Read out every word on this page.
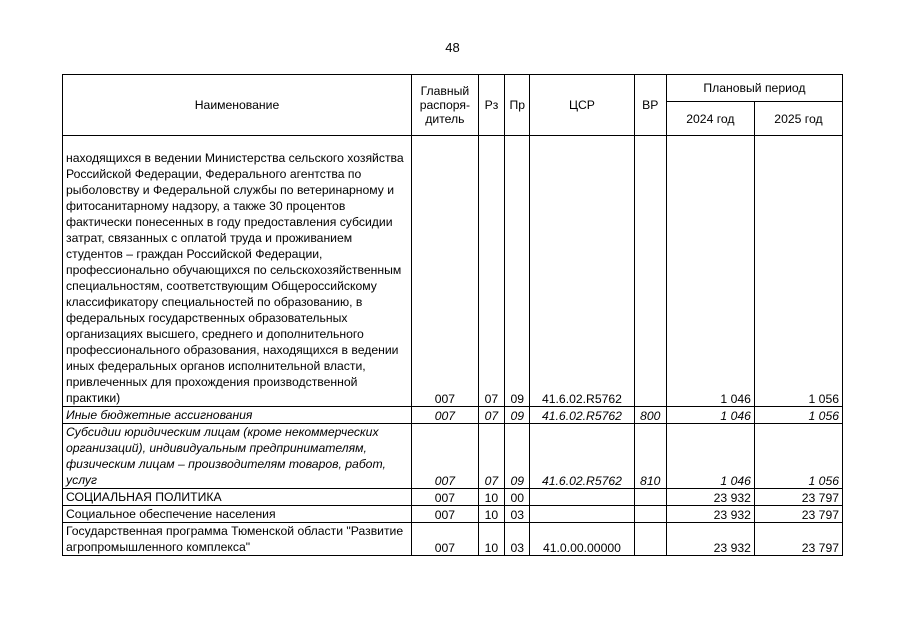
48
Наименование	Главный распоря-дитель	Рз	Пр	ЦСР	ВР	Плановый период	
						2024 год	2025 год
находящихся в ведении Министерства сельского хозяйства Российской Федерации, Федерального агентства по рыболовству и Федеральной службы по ветеринарному и фитосанитарному надзору, а также 30 процентов фактически понесенных в году предоставления субсидии затрат, связанных с оплатой труда и проживанием студентов – граждан Российской Федерации, профессионально обучающихся по сельскохозяйственным специальностям, соответствующим Общероссийскому классификатору специальностей по образованию, в федеральных государственных образовательных организациях высшего, среднего и дополнительного профессионального образования, находящихся в ведении иных федеральных органов исполнительной власти, привлеченных для прохождения производственной практики)	007	07	09	41.6.02.R5762		1 046	1 056
Иные бюджетные ассигнования	007	07	09	41.6.02.R5762	800	1 046	1 056
Субсидии юридическим лицам (кроме некоммерческих организаций), индивидуальным предпринимателям, физическим лицам – производителям товаров, работ, услуг	007	07	09	41.6.02.R5762	810	1 046	1 056
СОЦИАЛЬНАЯ ПОЛИТИКА	007	10	00			23 932	23 797
Социальное обеспечение населения	007	10	03			23 932	23 797
Государственная программа Тюменской области "Развитие агропромышленного комплекса"	007	10	03	41.0.00.00000		23 932	23 797
